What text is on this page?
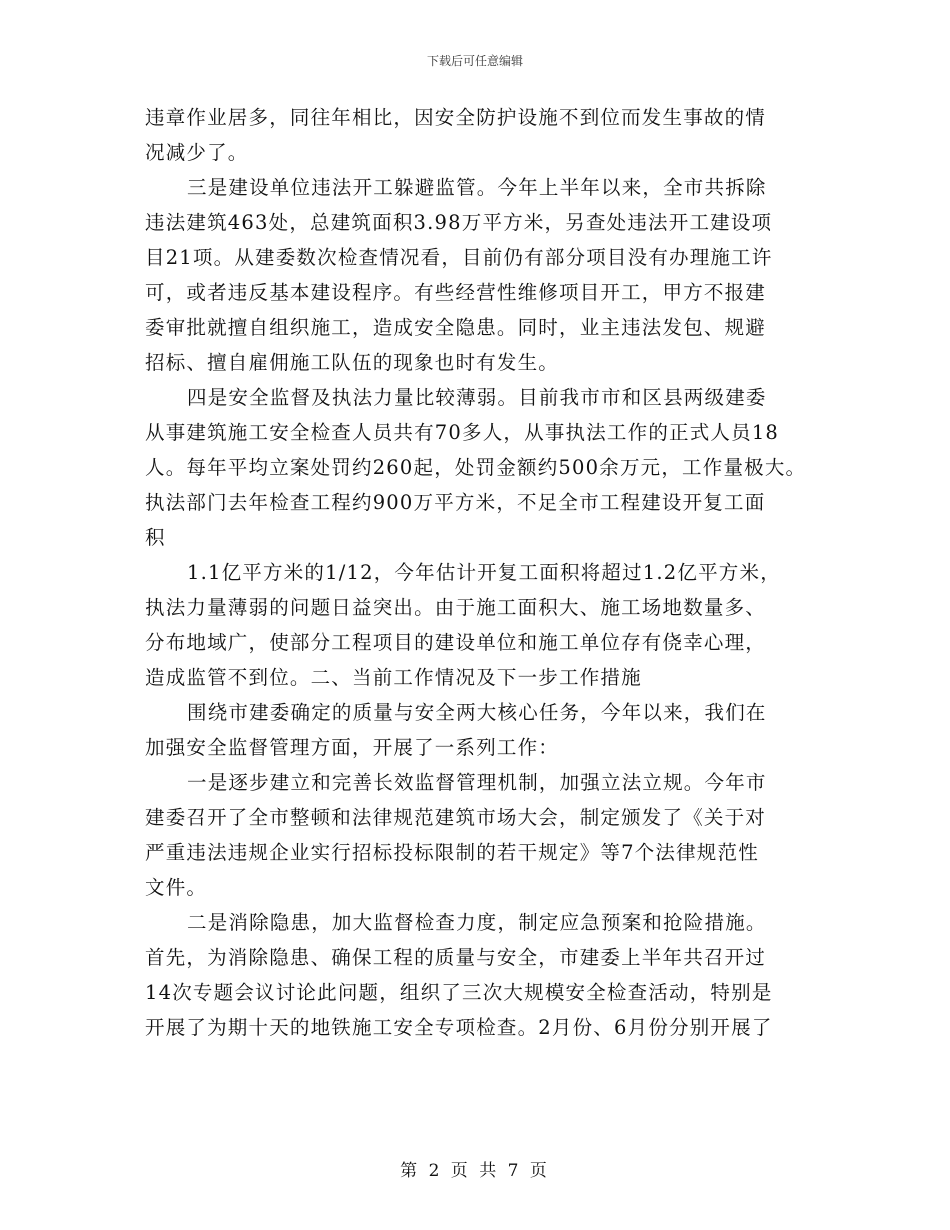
下载后可任意编辑
违章作业居多，同往年相比，因安全防护设施不到位而发生事故的情
况减少了。
三是建设单位违法开工躲避监管。今年上半年以来，全市共拆除
违法建筑463处，总建筑面积3.98万平方米，另查处违法开工建设项
目21项。从建委数次检查情况看，目前仍有部分项目没有办理施工许
可，或者违反基本建设程序。有些经营性维修项目开工，甲方不报建
委审批就擅自组织施工，造成安全隐患。同时，业主违法发包、规避
招标、擅自雇佣施工队伍的现象也时有发生。
四是安全监督及执法力量比较薄弱。目前我市市和区县两级建委
从事建筑施工安全检查人员共有70多人，从事执法工作的正式人员18
人。每年平均立案处罚约260起，处罚金额约500余万元，工作量极大。
执法部门去年检查工程约900万平方米，不足全市工程建设开复工面
积
1.1亿平方米的1/12，今年估计开复工面积将超过1.2亿平方米，
执法力量薄弱的问题日益突出。由于施工面积大、施工场地数量多、
分布地域广，使部分工程项目的建设单位和施工单位存有侥幸心理，
造成监管不到位。二、当前工作情况及下一步工作措施
围绕市建委确定的质量与安全两大核心任务，今年以来，我们在
加强安全监督管理方面，开展了一系列工作：
一是逐步建立和完善长效监督管理机制，加强立法立规。今年市
建委召开了全市整顿和法律规范建筑市场大会，制定颁发了《关于对
严重违法违规企业实行招标投标限制的若干规定》等7个法律规范性
文件。
二是消除隐患，加大监督检查力度，制定应急预案和抢险措施。
首先，为消除隐患、确保工程的质量与安全，市建委上半年共召开过
14次专题会议讨论此问题，组织了三次大规模安全检查活动，特别是
开展了为期十天的地铁施工安全专项检查。2月份、6月份分别开展了
第 2 页 共 7 页
